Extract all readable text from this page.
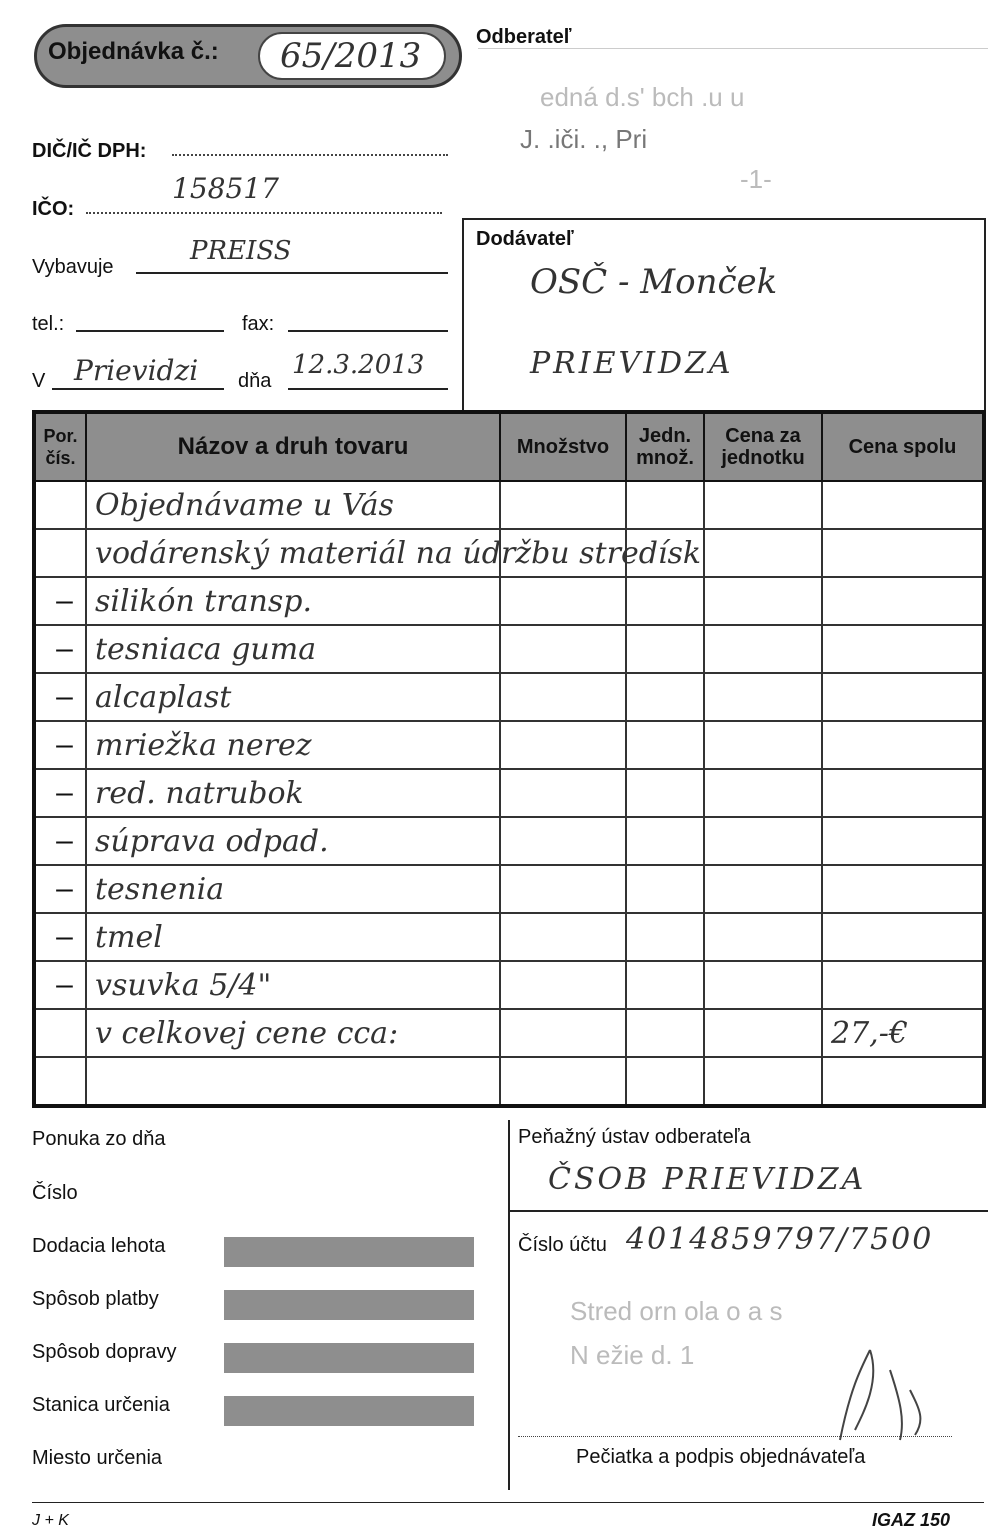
Objednávka č.: 65/2013	Odberateľ
edná d.s' bch .u u
J. .iči. ., Pri
-1-
DIČ/IČ DPH:
IČO:
158517
Vybavuje
PREISS
tel.:	fax:
V Prievidzi dňa
12.3.2013
Dodávateľ
OSČ - Monček
PRIEVIDZA
Por. čís.	Názov a druh tovaru	Množstvo	Jedn. množ.	Cena za jednotku	Cena spolu
	Objednávame u Vás				
	vodárenský materiál na údržbu stredísk				
–	silikón transp.				
–	tesniaca guma				
–	alcaplast				
–	mriežka nerez				
–	red. natrubok				
–	súprava odpad.				
–	tesnenia				
–	tmel				
–	vsuvka 5/4"				
	v celkovej cene cca:				27,-€

Ponuka zo dňa
Číslo
Dodacia lehota
Spôsob platby
Spôsob dopravy
Stanica určenia
Miesto určenia
Peňažný ústav odberateľa
ČSOB PRIEVIDZA
Číslo účtu 4014859797/7500
Stred orn ola o a s
N ežie d. 1
Pečiatka a podpis objednávateľa
J + K	IGAZ 150
